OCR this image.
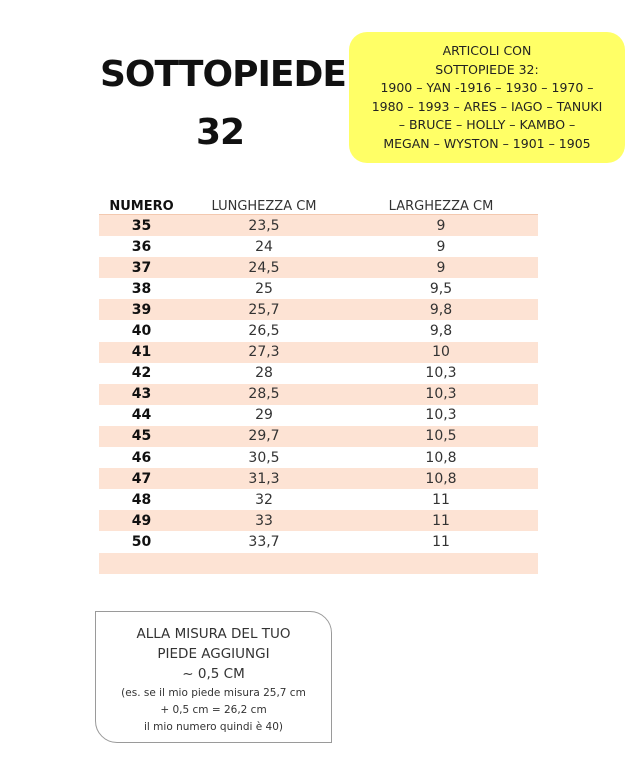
SOTTOPIEDE
32
ARTICOLI CON
SOTTOPIEDE 32:
1900 – YAN -1916 – 1930 – 1970 –
1980 – 1993 – ARES – IAGO – TANUKI
– BRUCE – HOLLY – KAMBO –
MEGAN – WYSTON – 1901 – 1905
NUMERO	LUNGHEZZA CM	LARGHEZZA CM
35	23,5	9
36	24	9
37	24,5	9
38	25	9,5
39	25,7	9,8
40	26,5	9,8
41	27,3	10
42	28	10,3
43	28,5	10,3
44	29	10,3
45	29,7	10,5
46	30,5	10,8
47	31,3	10,8
48	32	11
49	33	11
50	33,7	11

ALLA MISURA DEL TUO
PIEDE AGGIUNGI
~ 0,5 CM
(es. se il mio piede misura 25,7 cm
+ 0,5 cm = 26,2 cm
il mio numero quindi è 40)
